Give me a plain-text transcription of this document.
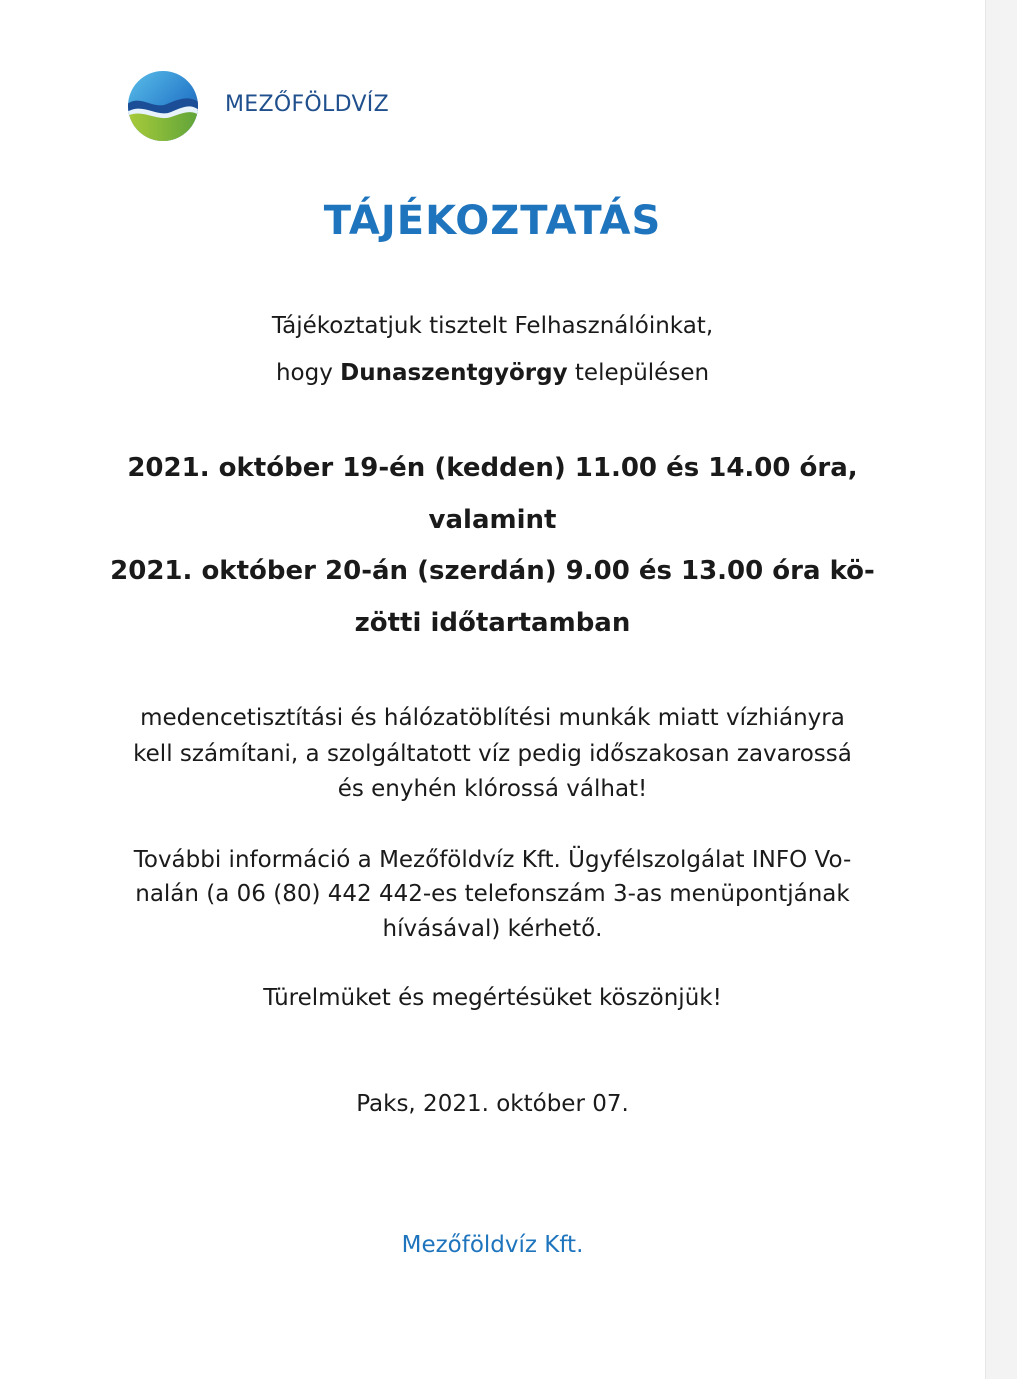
MEZŐFÖLDVÍZ
TÁJÉKOZTATÁS
Tájékoztatjuk tisztelt Felhasználóinkat,
hogy Dunaszentgyörgy településen
2021. október 19-én (kedden) 11.00 és 14.00 óra,
valamint
2021. október 20-án (szerdán) 9.00 és 13.00 óra kö-
zötti időtartamban
medencetisztítási és hálózatöblítési munkák miatt vízhiányra
kell számítani, a szolgáltatott víz pedig időszakosan zavarossá
és enyhén klórossá válhat!
További információ a Mezőföldvíz Kft. Ügyfélszolgálat INFO Vo-
nalán (a 06 (80) 442 442-es telefonszám 3-as menüpontjának
hívásával) kérhető.
Türelmüket és megértésüket köszönjük!
Paks, 2021. október 07.
Mezőföldvíz Kft.
